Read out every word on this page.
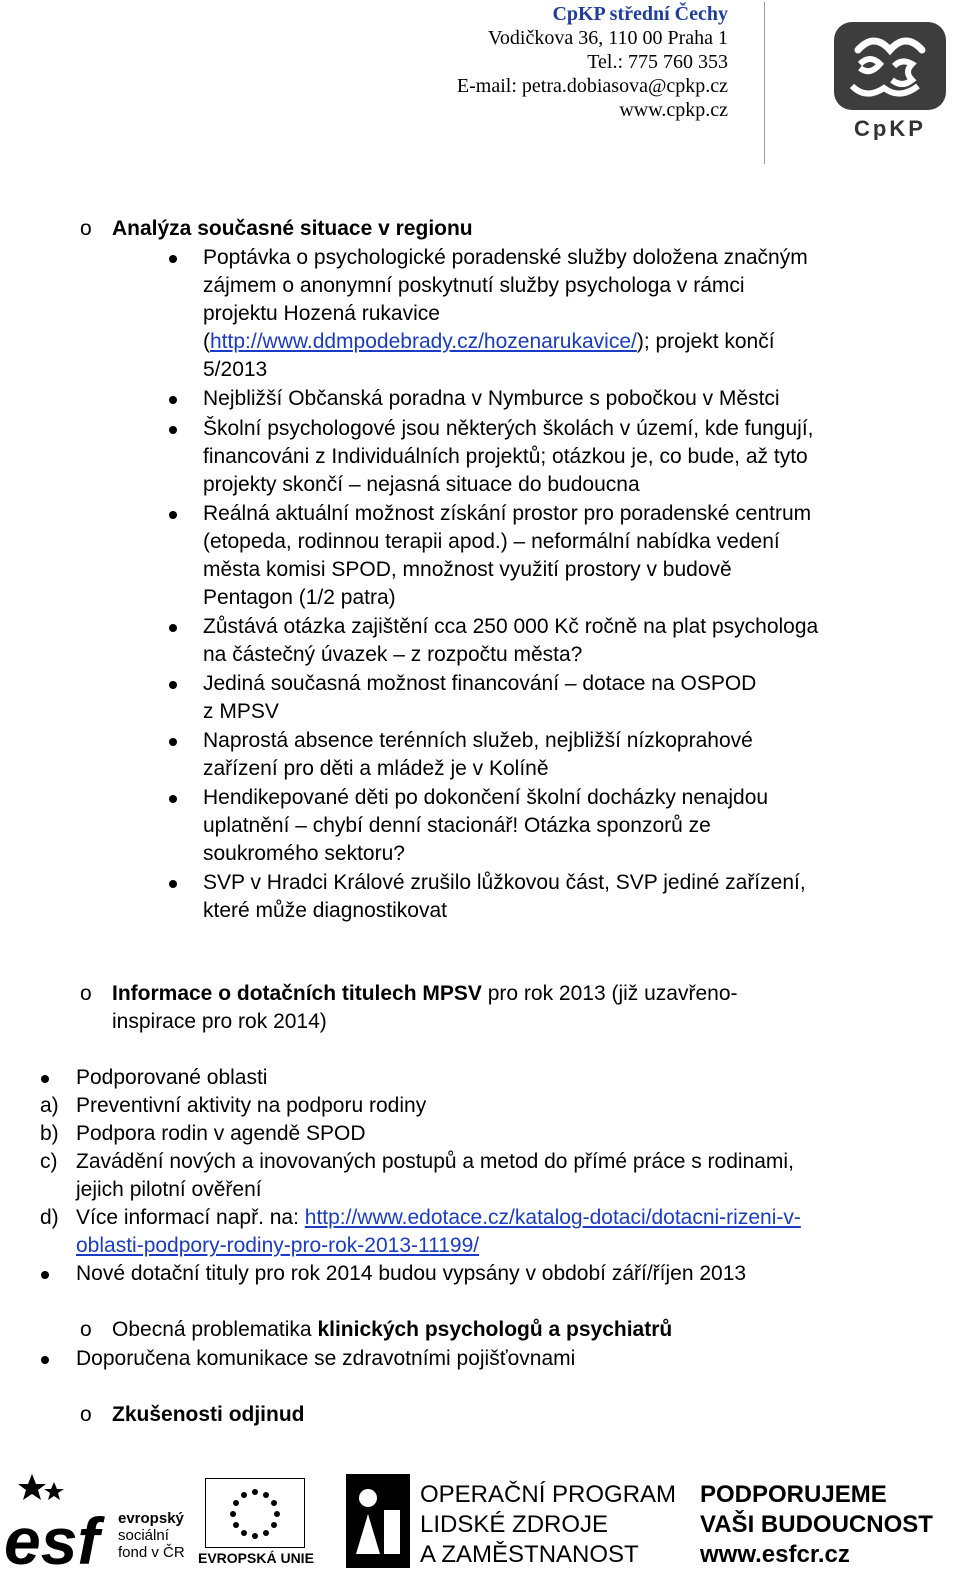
CpKP střední Čechy
Vodičkova 36, 110 00 Praha 1
Tel.: 775 760 353
E-mail: petra.dobiasova@cpkp.cz
www.cpkp.cz
CpKP
o Analýza současné situace v regionu
Poptávka o psychologické poradenské služby doložena značným
zájmem o anonymní poskytnutí služby psychologa v rámci
projektu Hozená rukavice
(http://www.ddmpodebrady.cz/hozenarukavice/); projekt končí
5/2013
Nejbližší Občanská poradna v Nymburce s pobočkou v Městci
Školní psychologové jsou některých školách v území, kde fungují,
financováni z Individuálních projektů; otázkou je, co bude, až tyto
projekty skončí – nejasná situace do budoucna
Reálná aktuální možnost získání prostor pro poradenské centrum
(etopeda, rodinnou terapii apod.) – neformální nabídka vedení
města komisi SPOD, množnost využití prostory v budově
Pentagon (1/2 patra)
Zůstává otázka zajištění cca 250 000 Kč ročně na plat psychologa
na částečný úvazek – z rozpočtu města?
Jediná současná možnost financování – dotace na OSPOD
z MPSV
Naprostá absence terénních služeb, nejbližší nízkoprahové
zařízení pro děti a mládež je v Kolíně
Hendikepované děti po dokončení školní docházky nenajdou
uplatnění – chybí denní stacionář! Otázka sponzorů ze
soukromého sektoru?
SVP v Hradci Králové zrušilo lůžkovou část, SVP jediné zařízení,
které může diagnostikovat
o Informace o dotačních titulech MPSV pro rok 2013 (již uzavřeno-
inspirace pro rok 2014)
Podporované oblasti
a) Preventivní aktivity na podporu rodiny
b) Podpora rodin v agendě SPOD
c) Zavádění nových a inovovaných postupů a metod do přímé práce s rodinami,
jejich pilotní ověření
d) Více informací např. na: http://www.edotace.cz/katalog-dotaci/dotacni-rizeni-v-
oblasti-podpory-rodiny-pro-rok-2013-11199/
Nové dotační tituly pro rok 2014 budou vypsány v období září/říjen 2013
o Obecná problematika klinických psychologů a psychiatrů
Doporučena komunikace se zdravotními pojišťovnami
o Zkušenosti odjinud
esf	evropský
sociální
fond v ČR EVROPSKÁ UNIE
OPERAČNÍ PROGRAM
LIDSKÉ ZDROJE
A ZAMĚSTNANOST
PODPORUJEME
VAŠI BUDOUCNOST
www.esfcr.cz
